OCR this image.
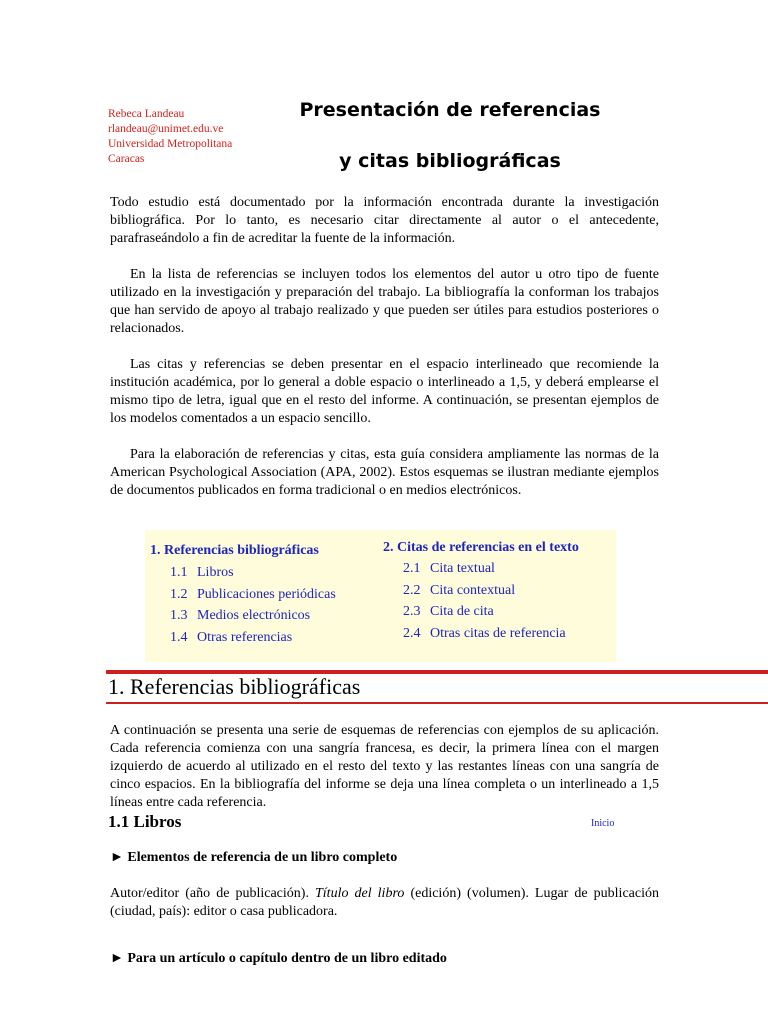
Rebeca Landeau
rlandeau@unimet.edu.ve
Universidad Metropolitana
Caracas
Presentación de referencias
y citas bibliográficas

Todo estudio está documentado por la información encontrada durante la investigación bibliográfica. Por lo tanto, es necesario citar directamente al autor o el antecedente, parafraseándolo a fin de acreditar la fuente de la información.

En la lista de referencias se incluyen todos los elementos del autor u otro tipo de fuente utilizado en la investigación y preparación del trabajo. La bibliografía la conforman los trabajos que han servido de apoyo al trabajo realizado y que pueden ser útiles para estudios posteriores o relacionados.

Las citas y referencias se deben presentar en el espacio interlineado que recomiende la institución académica, por lo general a doble espacio o interlineado a 1,5, y deberá emplearse el mismo tipo de letra, igual que en el resto del informe. A continuación, se presentan ejemplos de los modelos comentados a un espacio sencillo.

Para la elaboración de referencias y citas, esta guía considera ampliamente las normas de la American Psychological Association (APA, 2002). Estos esquemas se ilustran mediante ejemplos de documentos publicados en forma tradicional o en medios electrónicos.

1. Referencias bibliográficas
1.1 Libros
1.2 Publicaciones periódicas
1.3 Medios electrónicos
1.4 Otras referencias
2. Citas de referencias en el texto
2.1 Cita textual
2.2 Cita contextual
2.3 Cita de cita
2.4 Otras citas de referencia
1. Referencias bibliográficas

A continuación se presenta una serie de esquemas de referencias con ejemplos de su aplicación. Cada referencia comienza con una sangría francesa, es decir, la primera línea con el margen izquierdo de acuerdo al utilizado en el resto del texto y las restantes líneas con una sangría de cinco espacios. En la bibliografía del informe se deja una línea completa o un interlineado a 1,5 líneas entre cada referencia.

1.1 Libros	Inicio
► Elementos de referencia de un libro completo

Autor/editor (año de publicación). Título del libro (edición) (volumen). Lugar de publicación (ciudad, país): editor o casa publicadora.

► Para un artículo o capítulo dentro de un libro editado
